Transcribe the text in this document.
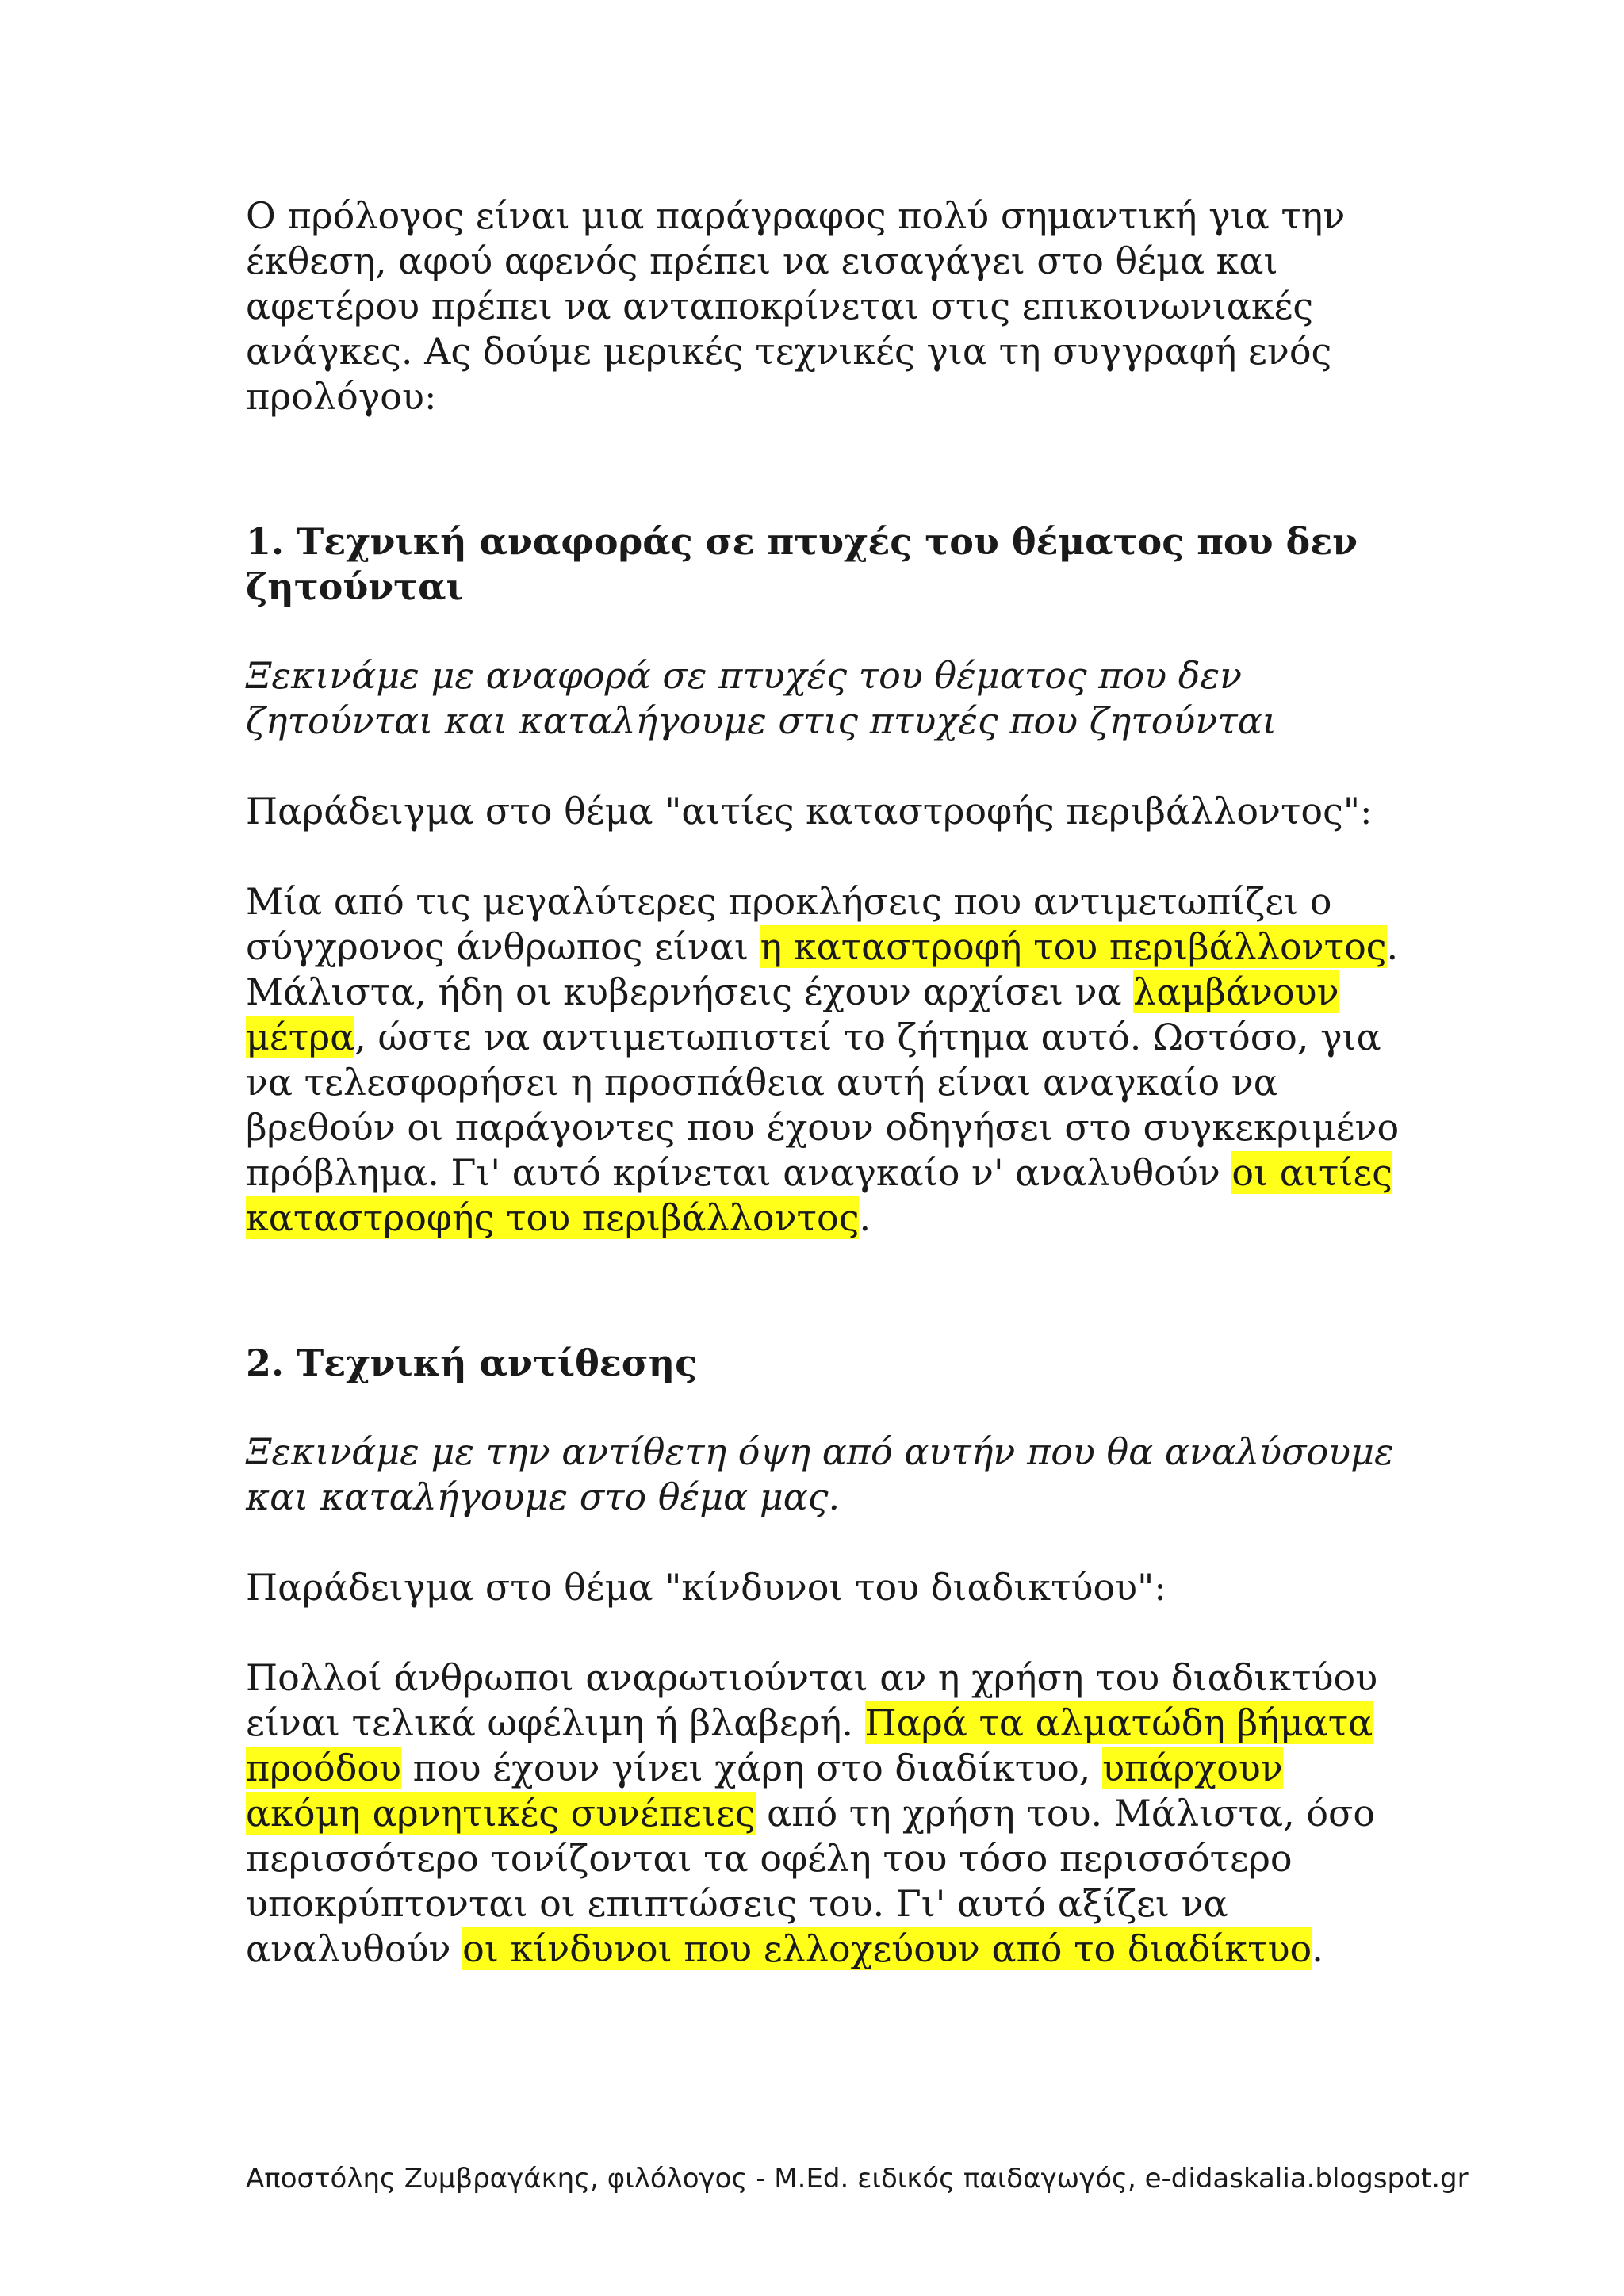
Ο πρόλογος είναι μια παράγραφος πολύ σημαντική για την έκθεση, αφού αφενός πρέπει να εισαγάγει στο θέμα και αφετέρου πρέπει να ανταποκρίνεται στις επικοινωνιακές ανάγκες. Ας δούμε μερικές τεχνικές για τη συγγραφή ενός προλόγου:

1. Τεχνική αναφοράς σε πτυχές του θέματος που δεν ζητούνται

Ξεκινάμε με αναφορά σε πτυχές του θέματος που δεν ζητούνται και καταλήγουμε στις πτυχές που ζητούνται

Παράδειγμα στο θέμα "αιτίες καταστροφής περιβάλλοντος":

Μία από τις μεγαλύτερες προκλήσεις που αντιμετωπίζει ο σύγχρονος άνθρωπος είναι η καταστροφή του περιβάλλοντος. Μάλιστα, ήδη οι κυβερνήσεις έχουν αρχίσει να λαμβάνουν μέτρα, ώστε να αντιμετωπιστεί το ζήτημα αυτό. Ωστόσο, για να τελεσφορήσει η προσπάθεια αυτή είναι αναγκαίο να βρεθούν οι παράγοντες που έχουν οδηγήσει στο συγκεκριμένο πρόβλημα. Γι' αυτό κρίνεται αναγκαίο ν' αναλυθούν οι αιτίες καταστροφής του περιβάλλοντος.

2. Τεχνική αντίθεσης

Ξεκινάμε με την αντίθετη όψη από αυτήν που θα αναλύσουμε και καταλήγουμε στο θέμα μας.

Παράδειγμα στο θέμα "κίνδυνοι του διαδικτύου":

Πολλοί άνθρωποι αναρωτιούνται αν η χρήση του διαδικτύου είναι τελικά ωφέλιμη ή βλαβερή. Παρά τα αλματώδη βήματα προόδου που έχουν γίνει χάρη στο διαδίκτυο, υπάρχουν ακόμη αρνητικές συνέπειες από τη χρήση του. Μάλιστα, όσο περισσότερο τονίζονται τα οφέλη του τόσο περισσότερο υποκρύπτονται οι επιπτώσεις του. Γι' αυτό αξίζει να αναλυθούν οι κίνδυνοι που ελλοχεύουν από το διαδίκτυο.

Αποστόλης Ζυμβραγάκης, φιλόλογος - M.Ed. ειδικός παιδαγωγός, e-didaskalia.blogspot.gr
